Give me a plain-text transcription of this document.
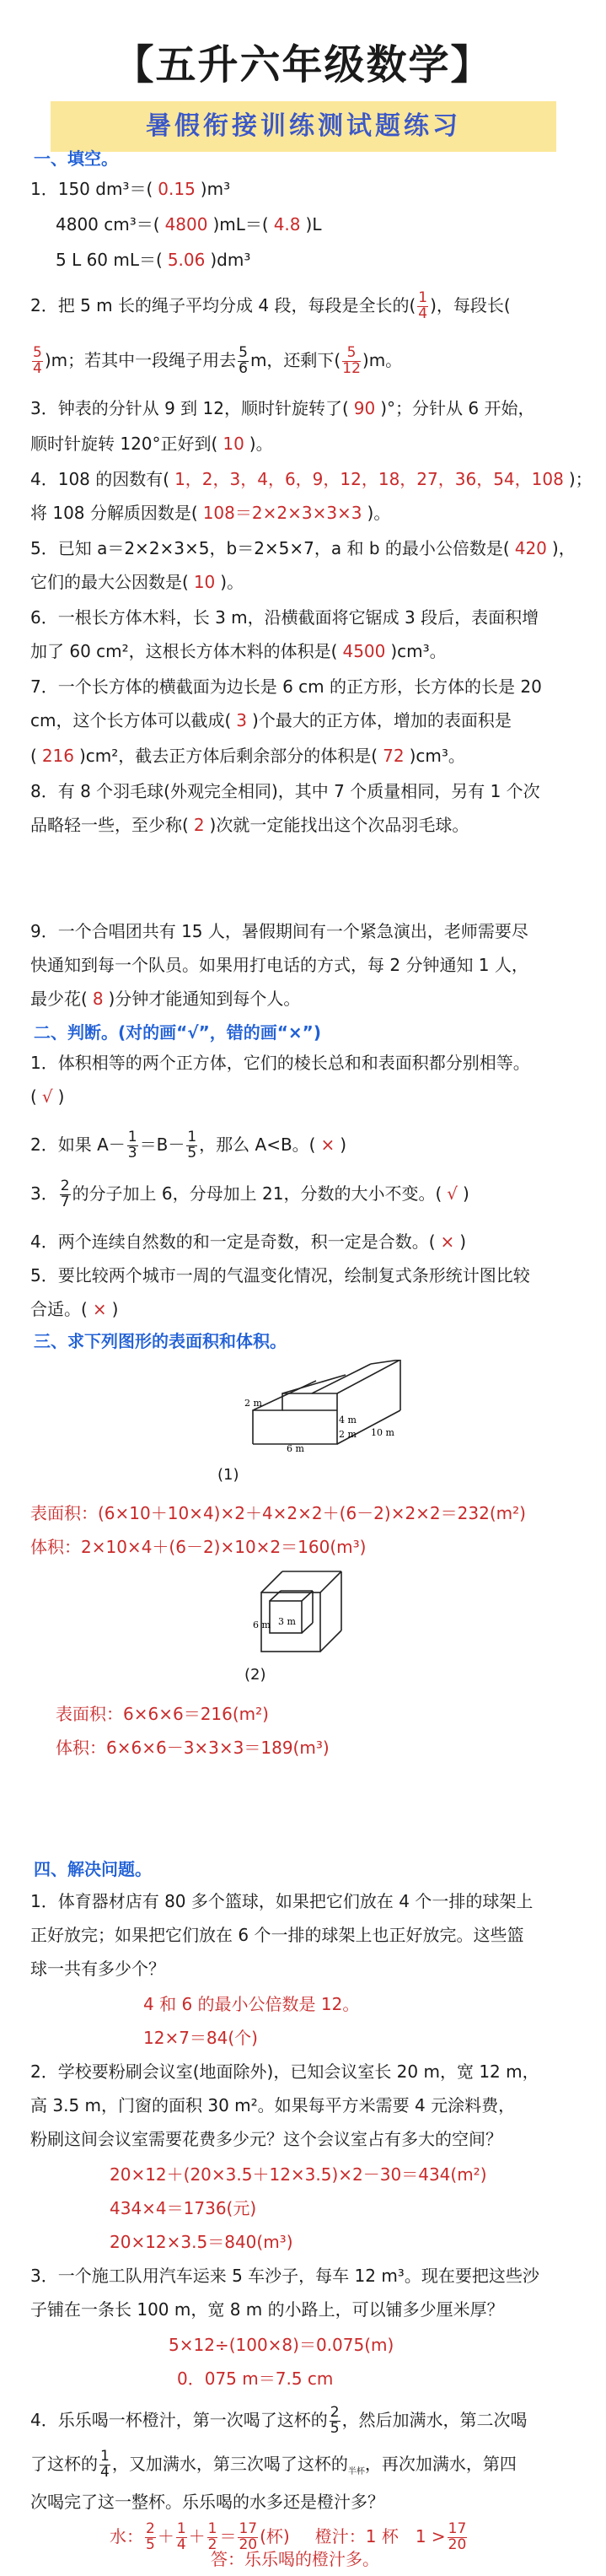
【五升六年级数学】
暑假衔接训练测试题练习
一、填空。
1．150 dm³＝( 0.15 )m³
4800 cm³＝( 4800 )mL＝( 4.8 )L
5 L 60 mL＝( 5.06 )dm³
2．把 5 m 长的绳子平均分成 4 段，每段是全长的( $\frac{1}{4}$ )，每段长(
$\frac{5}{4} )m$；若其中一段绳子用去 $\frac{5}{6}$ m，还剩下( $\frac{5}{12} )m$。
3．钟表的分针从 9 到 12，顺时针旋转了( 90 )°；分针从 6 开始，
顺时针旋转 120°正好到( 10 )。
4．108 的因数有( 1，2，3，4，6，9，12，18，27，36，54，108 )；
将 108 分解质因数是( 108＝2×2×3×3×3 )。
5．已知 a＝2×2×3×5，b＝2×5×7，a 和 b 的最小公倍数是( 420 )，
它们的最大公因数是( 10 )。
6．一根长方体木料，长 3 m，沿横截面将它锯成 3 段后，表面积增
加了 60 cm²，这根长方体木料的体积是( 4500 )cm³。
7．一个长方体的横截面为边长是 6 cm 的正方形，长方体的长是 20
cm，这个长方体可以截成( 3 )个最大的正方体，增加的表面积是
( 216 )cm²，截去正方体后剩余部分的体积是( 72 )cm³。
8．有 8 个羽毛球(外观完全相同)，其中 7 个质量相同，另有 1 个次
品略轻一些，至少称( 2 )次就一定能找出这个次品羽毛球。
9．一个合唱团共有 15 人，暑假期间有一个紧急演出，老师需要尽
快通知到每一个队员。如果用打电话的方式，每 2 分钟通知 1 人，
最少花( 8 )分钟才能通知到每个人。
二、判断。(对的画“√”，错的画“×”)
1．体积相等的两个正方体，它们的棱长总和和表面积都分别相等。
( √ )
2．如果 $A- \frac{1}{3} =B- \frac{1}{5}$ ，那么 A<B。( × )
3． $\frac{2}{7}$ 的分子加上 6，分母加上 21，分数的大小不变。( √ )
4．两个连续自然数的和一定是奇数，积一定是合数。( × )
5．要比较两个城市一周的气温变化情况，绘制复式条形统计图比较
合适。( × )
三、求下列图形的表面积和体积。
2 m
4 m
2 m
6 m
10 m
(1)
表面积：(6×10＋10×4)×2＋4×2×2＋(6－2)×2×2＝232(m²)
体积：2×10×4＋(6－2)×10×2＝160(m³)
3 m
6 m
(2)
表面积：6×6×6＝216(m²)
体积：6×6×6－3×3×3＝189(m³)
四、解决问题。
1．体育器材店有 80 多个篮球，如果把它们放在 4 个一排的球架上
正好放完；如果把它们放在 6 个一排的球架上也正好放完。这些篮
球一共有多少个？
4 和 6 的最小公倍数是 12。
12×7＝84(个)
2．学校要粉刷会议室(地面除外)，已知会议室长 20 m，宽 12 m，
高 3.5 m，门窗的面积 30 m²。如果每平方米需要 4 元涂料费，
粉刷这间会议室需要花费多少元？这个会议室占有多大的空间？
20×12＋(20×3.5＋12×3.5)×2－30＝434(m²)
434×4＝1736(元)
20×12×3.5＝840(m³)
3．一个施工队用汽车运来 5 车沙子，每车 12 m³。现在要把这些沙
子铺在一条长 100 m，宽 8 m 的小路上，可以铺多少厘米厚？
5×12÷(100×8)＝0.075(m)
0．075 m＝7.5 cm
4．乐乐喝一杯橙汁，第一次喝了这杯的 $\frac{2}{5}$ ，然后加满水，第二次喝
了这杯的 $\frac{1}{4}$ ，又加满水，第三次喝了这杯的$_{半杯}$，再次加满水，第四
次喝完了这一整杯。乐乐喝的水多还是橙汁多？
水： $\frac{2}{5} + \frac{1}{4} + \frac{1}{2} = \frac{17}{20}$ (杯) 橙汁：1 杯　$1 > \frac{17}{20}$
答：乐乐喝的橙汁多。
